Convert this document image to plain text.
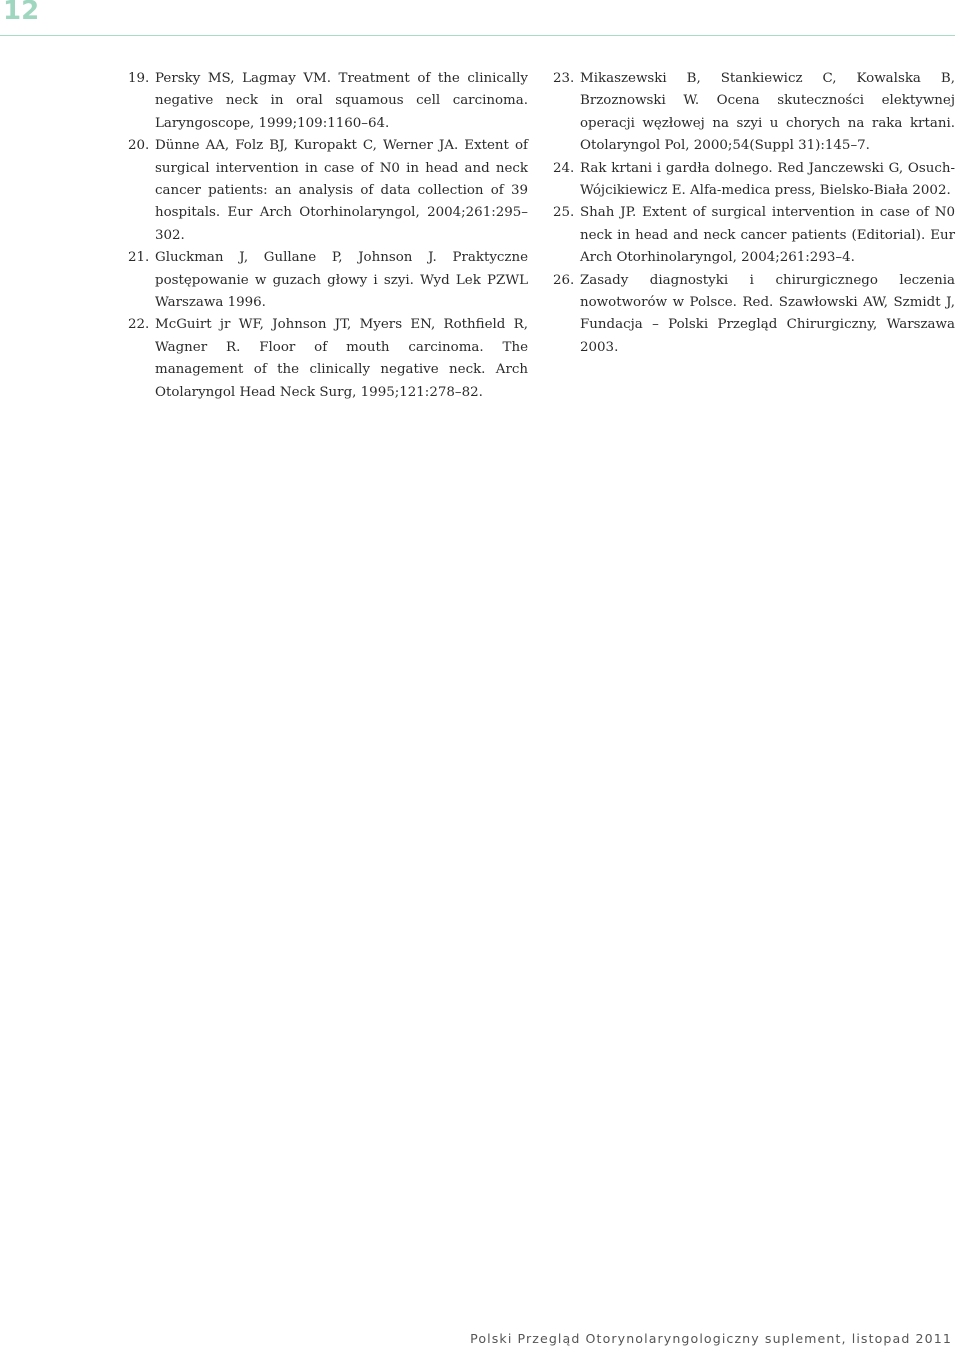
12

19. Persky MS, Lagmay VM. Treatment of the clinically negative neck in oral squamous cell carcinoma. Laryngoscope, 1999;109:1160–64.

20. Dünne AA, Folz BJ, Kuropakt C, Werner JA. Extent of surgical intervention in case of N0 in head and neck cancer patients: an analysis of data collection of 39 hospitals. Eur Arch Otorhinolaryngol, 2004;261:295–302.

21. Gluckman J, Gullane P, Johnson J. Praktyczne postępowanie w guzach głowy i szyi. Wyd Lek PZWL Warszawa 1996.

22. McGuirt jr WF, Johnson JT, Myers EN, Rothfield R, Wagner R. Floor of mouth carcinoma. The management of the clinically negative neck. Arch Otolaryngol Head Neck Surg, 1995;121:278–82.

23. Mikaszewski B, Stankiewicz C, Kowalska B, Brzoznowski W. Ocena skuteczności elektywnej operacji węzłowej na szyi u chorych na raka krtani. Otolaryngol Pol, 2000;54(Suppl 31):145–7.

24. Rak krtani i gardła dolnego. Red Janczewski G, Osuch-Wójcikiewicz E. Alfa-medica press, Bielsko-Biała 2002.

25. Shah JP. Extent of surgical intervention in case of N0 neck in head and neck cancer patients (Editorial). Eur Arch Otorhinolaryngol, 2004;261:293–4.

26. Zasady diagnostyki i chirurgicznego leczenia nowotworów w Polsce. Red. Szawłowski AW, Szmidt J, Fundacja – Polski Przegląd Chirurgiczny, Warszawa 2003.

Polski Przegląd Otorynolaryngologiczny suplement, listopad 2011
